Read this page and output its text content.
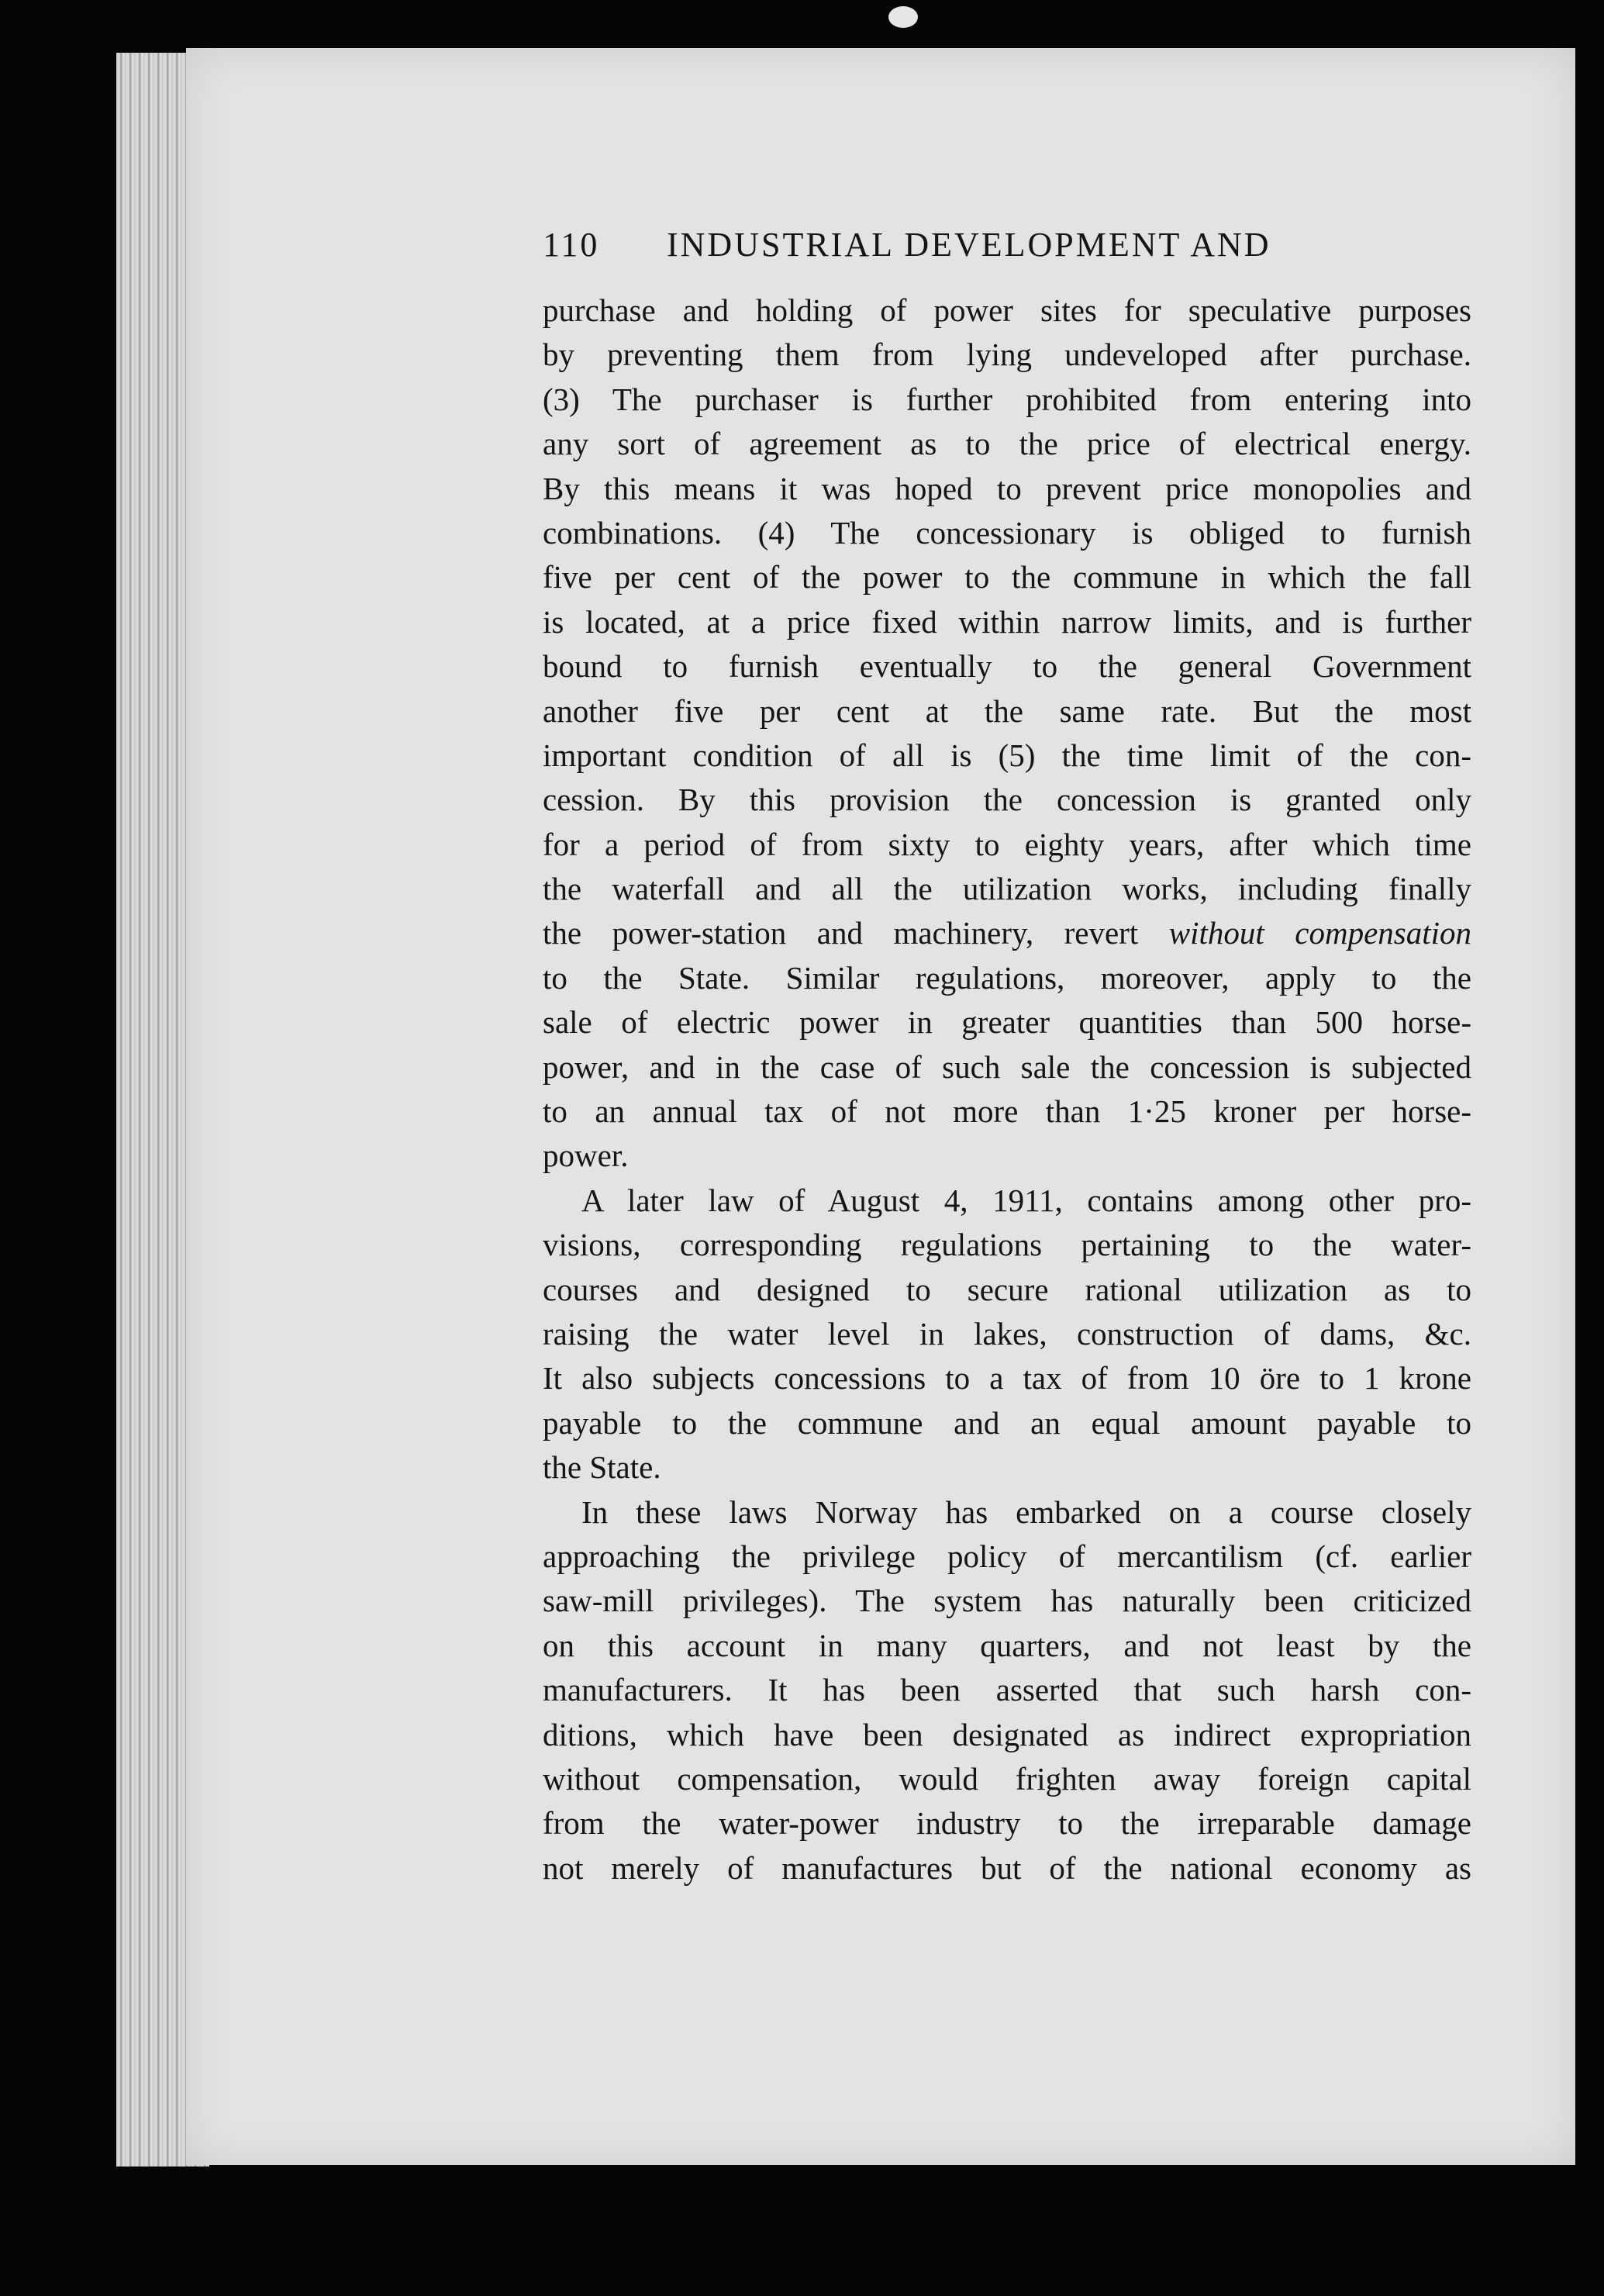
110 INDUSTRIAL DEVELOPMENT AND
purchase and holding of power sites for speculative purposes
by preventing them from lying undeveloped after purchase.
(3) The purchaser is further prohibited from entering into
any sort of agreement as to the price of electrical energy.
By this means it was hoped to prevent price monopolies and
combinations. (4) The concessionary is obliged to furnish
five per cent of the power to the commune in which the fall
is located, at a price fixed within narrow limits, and is further
bound to furnish eventually to the general Government
another five per cent at the same rate. But the most
important condition of all is (5) the time limit of the con-
cession. By this provision the concession is granted only
for a period of from sixty to eighty years, after which time
the waterfall and all the utilization works, including finally
the power-station and machinery, revert without compensation
to the State. Similar regulations, moreover, apply to the
sale of electric power in greater quantities than 500 horse-
power, and in the case of such sale the concession is subjected
to an annual tax of not more than 1·25 kroner per horse-
power.
A later law of August 4, 1911, contains among other pro-
visions, corresponding regulations pertaining to the water-
courses and designed to secure rational utilization as to
raising the water level in lakes, construction of dams, &c.
It also subjects concessions to a tax of from 10 öre to 1 krone
payable to the commune and an equal amount payable to
the State.
In these laws Norway has embarked on a course closely
approaching the privilege policy of mercantilism (cf. earlier
saw-mill privileges). The system has naturally been criticized
on this account in many quarters, and not least by the
manufacturers. It has been asserted that such harsh con-
ditions, which have been designated as indirect expropriation
without compensation, would frighten away foreign capital
from the water-power industry to the irreparable damage
not merely of manufactures but of the national economy as
